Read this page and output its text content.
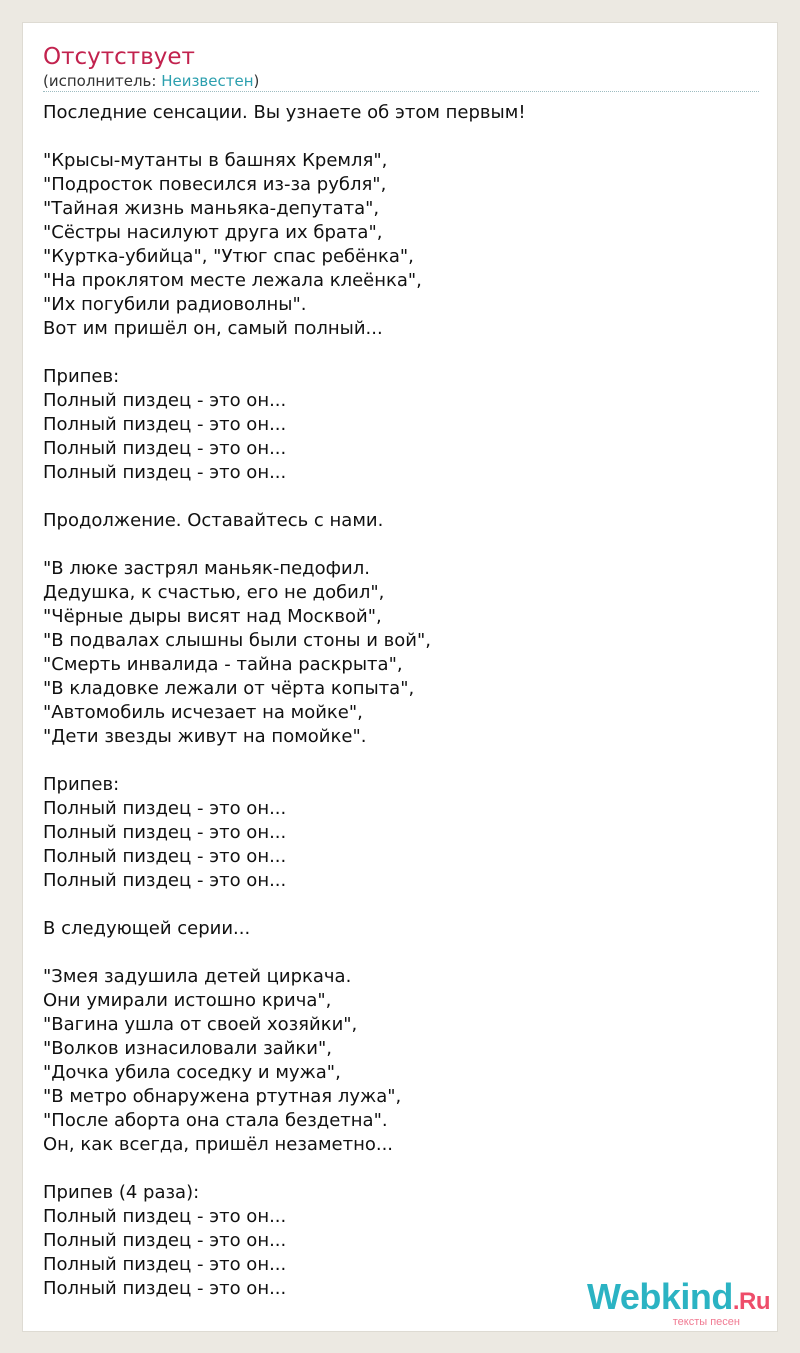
Отсутствует
(исполнитель: Неизвестен)
Последние сенсации. Вы узнаете об этом первым!
"Крысы-мутанты в башнях Кремля",
"Подросток повесился из-за рубля",
"Тайная жизнь маньяка-депутата",
"Сёстры насилуют друга их брата",
"Куртка-убийца", "Утюг спас ребёнка",
"На проклятом месте лежала клеёнка",
"Их погубили радиоволны".
Вот им пришёл он, самый полный...
Припев:
Полный пиздец - это он...
Полный пиздец - это он...
Полный пиздец - это он...
Полный пиздец - это он...
Продолжение. Оставайтесь с нами.
"В люке застрял маньяк-педофил.
Дедушка, к счастью, его не добил",
"Чёрные дыры висят над Москвой",
"В подвалах слышны были стоны и вой",
"Смерть инвалида - тайна раскрыта",
"В кладовке лежали от чёрта копыта",
"Автомобиль исчезает на мойке",
"Дети звезды живут на помойке".
Припев:
Полный пиздец - это он...
Полный пиздец - это он...
Полный пиздец - это он...
Полный пиздец - это он...
В следующей серии...
"Змея задушила детей циркача.
Они умирали истошно крича",
"Вагина ушла от своей хозяйки",
"Волков изнасиловали зайки",
"Дочка убила соседку и мужа",
"В метро обнаружена ртутная лужа",
"После аборта она стала бездетна".
Он, как всегда, пришёл незаметно...
Припев (4 раза):
Полный пиздец - это он...
Полный пиздец - это он...
Полный пиздец - это он...
Полный пиздец - это он...	Webkind.Ru
тексты песен
